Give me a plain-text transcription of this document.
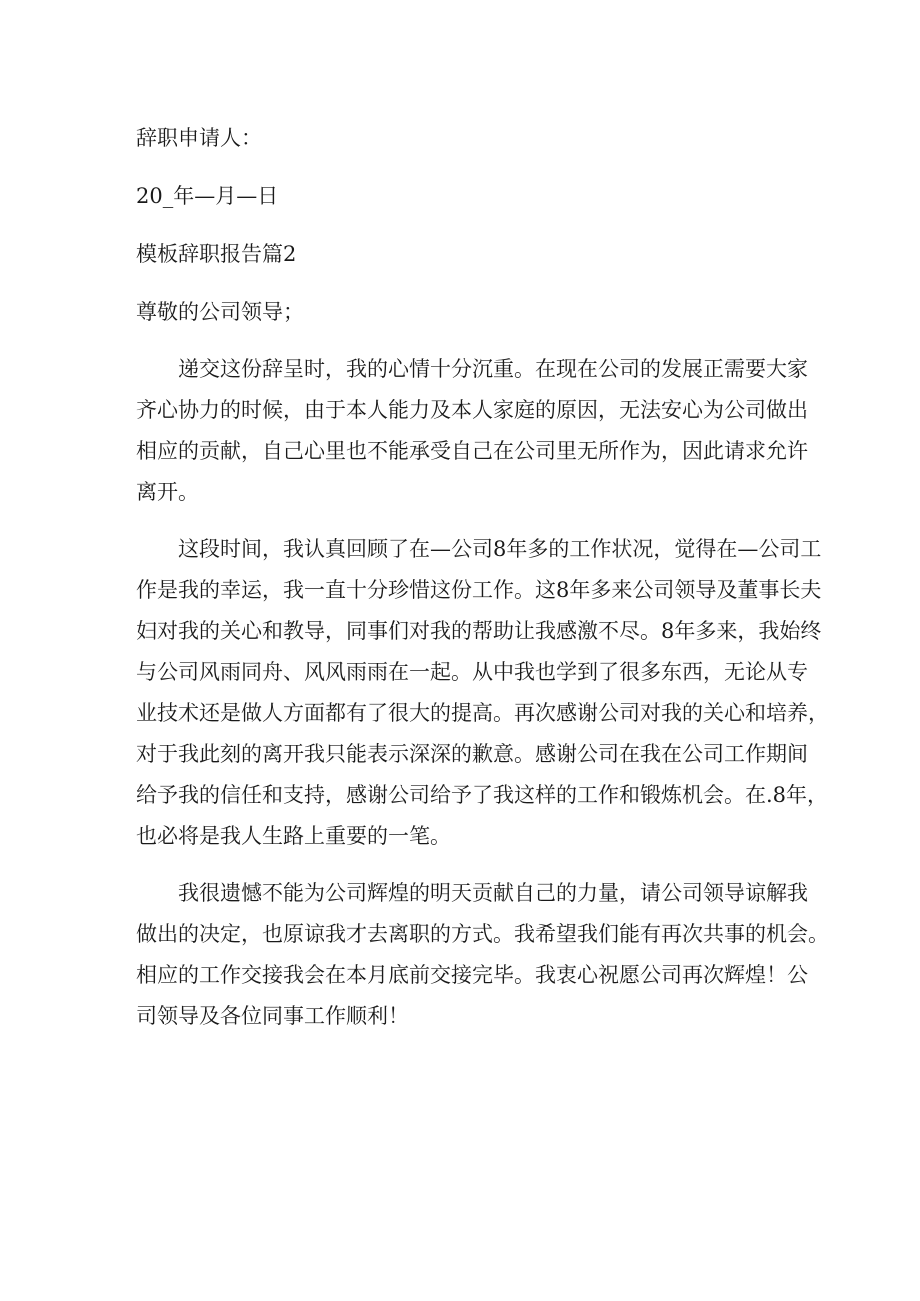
辞职申请人：
20_年—月—日
模板辞职报告篇2
尊敬的公司领导；
递交这份辞呈时，我的心情十分沉重。在现在公司的发展正需要大家
齐心协力的时候，由于本人能力及本人家庭的原因，无法安心为公司做出
相应的贡献，自己心里也不能承受自己在公司里无所作为，因此请求允许
离开。
这段时间，我认真回顾了在—公司8年多的工作状况，觉得在—公司工
作是我的幸运，我一直十分珍惜这份工作。这8年多来公司领导及董事长夫
妇对我的关心和教导，同事们对我的帮助让我感激不尽。8年多来，我始终
与公司风雨同舟、风风雨雨在一起。从中我也学到了很多东西，无论从专
业技术还是做人方面都有了很大的提高。再次感谢公司对我的关心和培养，
对于我此刻的离开我只能表示深深的歉意。感谢公司在我在公司工作期间
给予我的信任和支持，感谢公司给予了我这样的工作和锻炼机会。在.8年，
也必将是我人生路上重要的一笔。
我很遗憾不能为公司辉煌的明天贡献自己的力量，请公司领导谅解我
做出的决定，也原谅我才去离职的方式。我希望我们能有再次共事的机会。
相应的工作交接我会在本月底前交接完毕。我衷心祝愿公司再次辉煌！公
司领导及各位同事工作顺利！
